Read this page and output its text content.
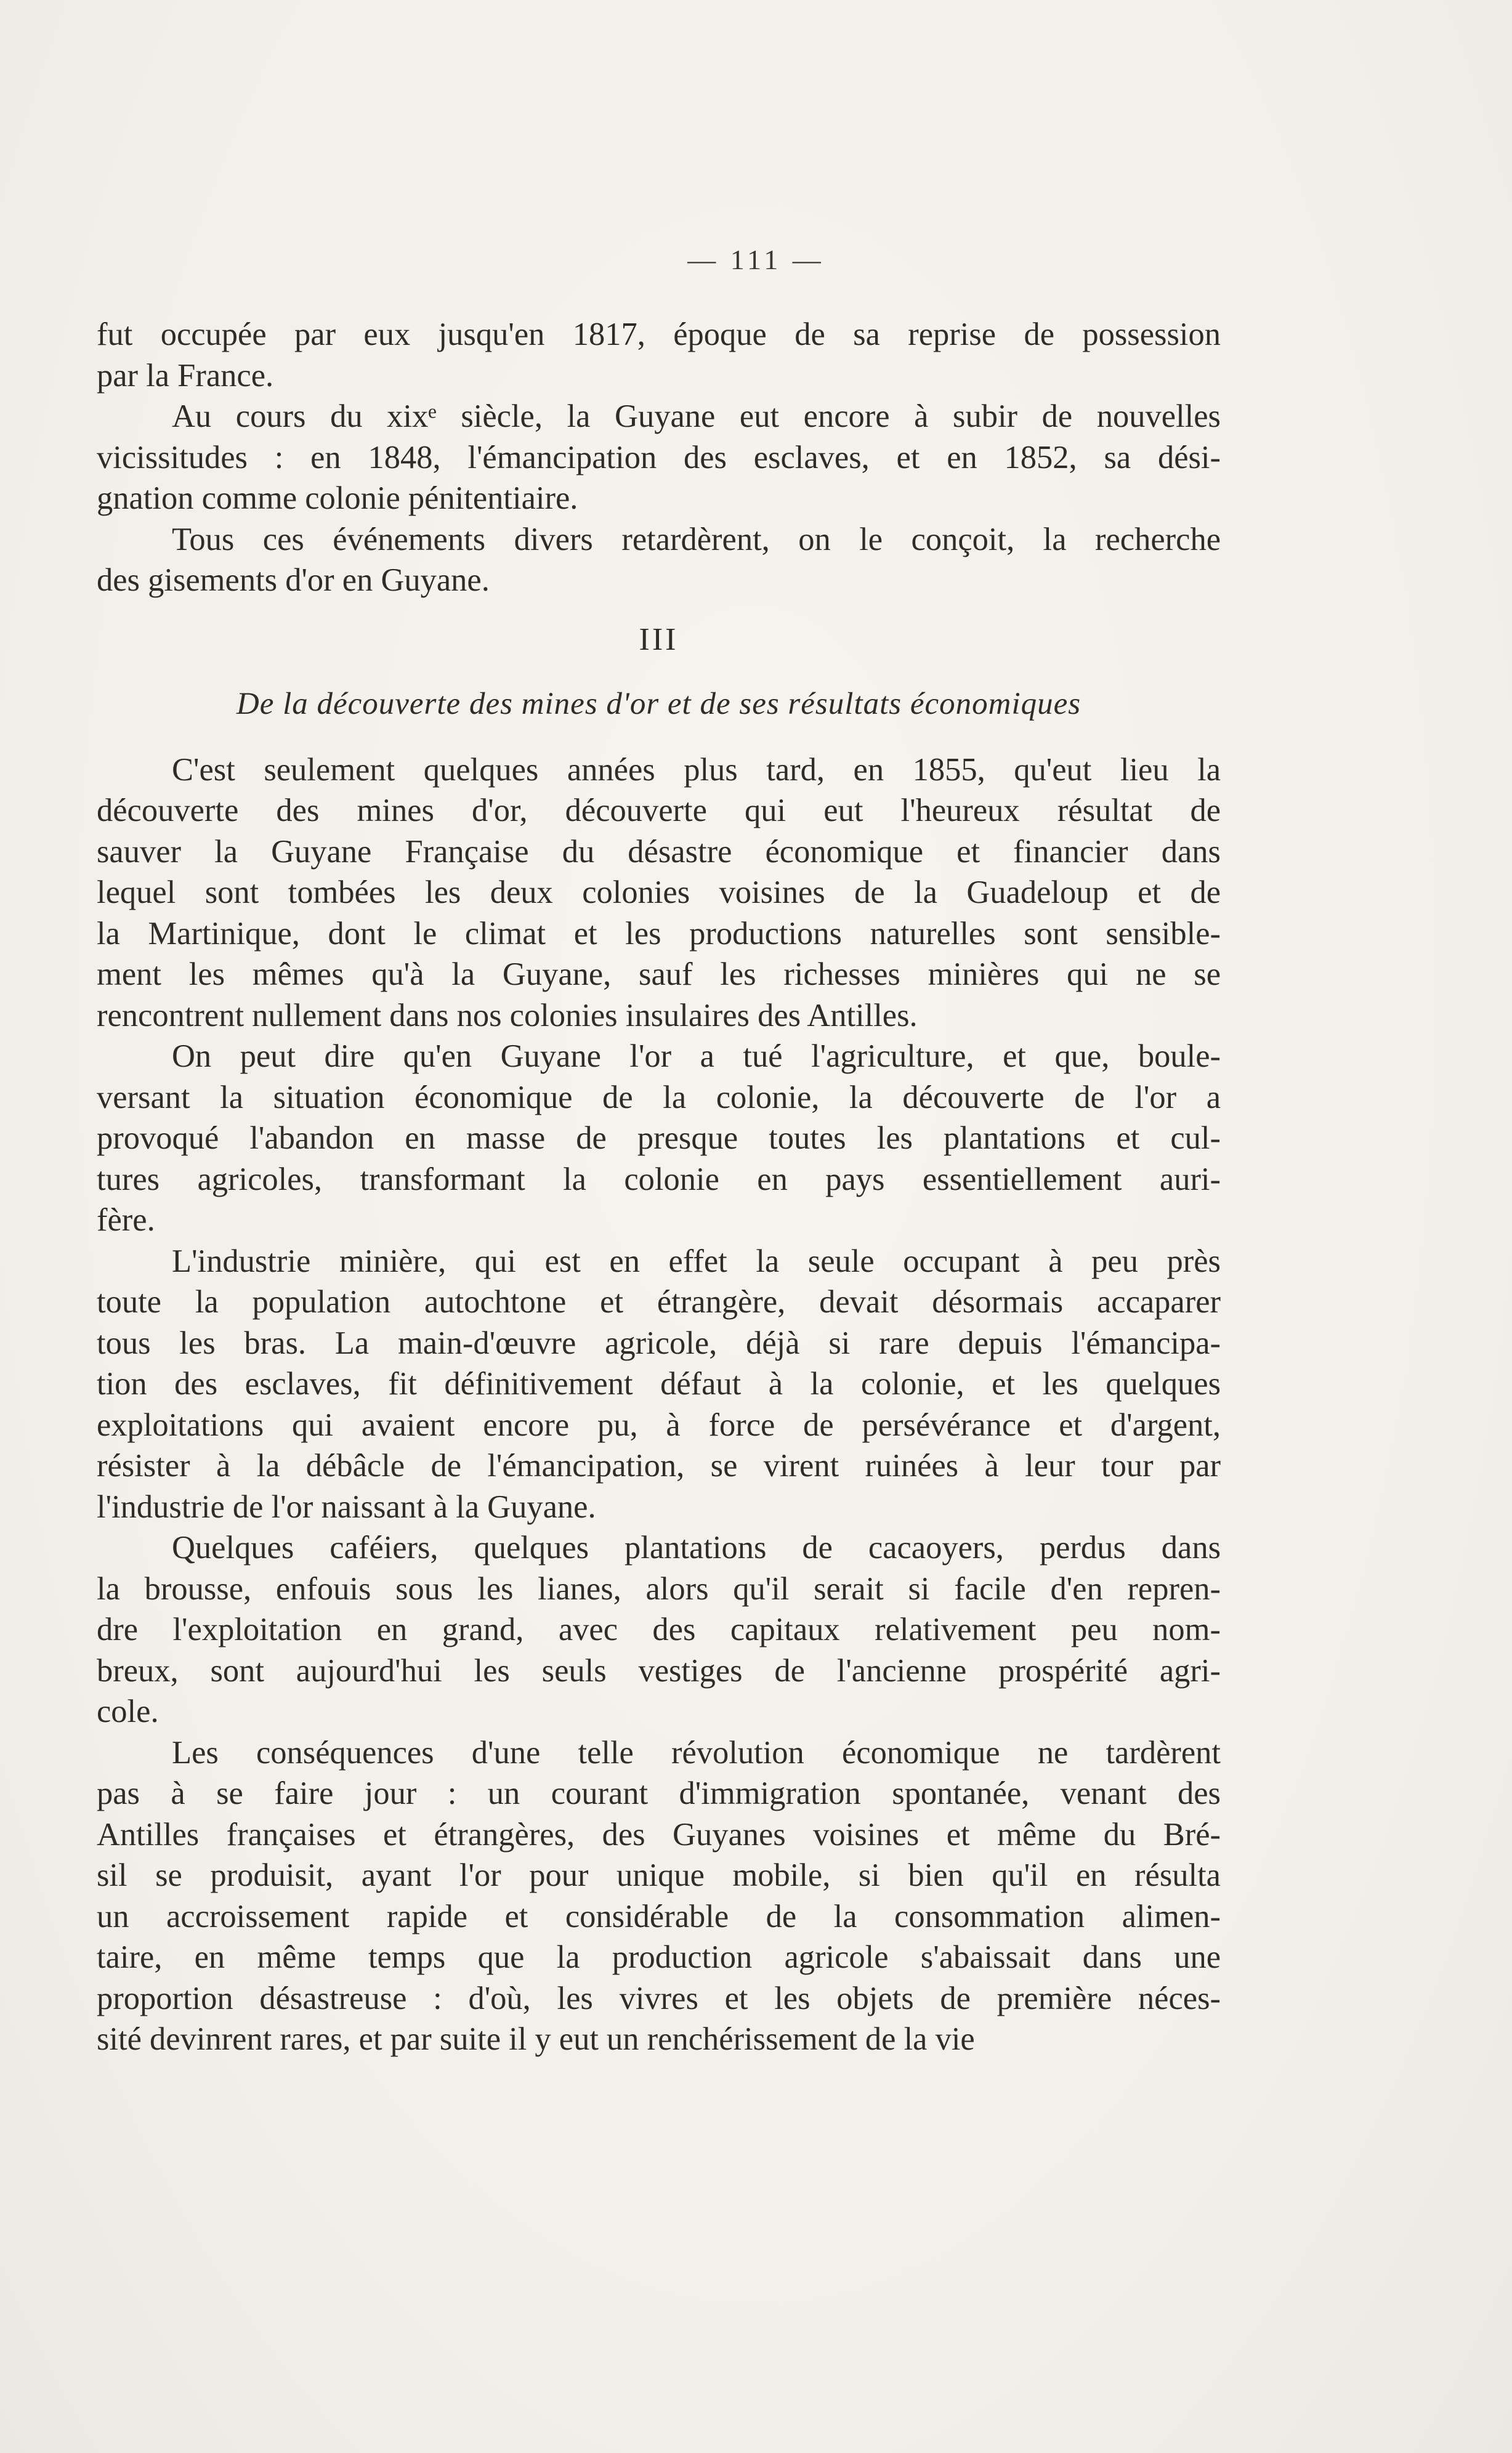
— 111 —

fut occupée par eux jusqu'en 1817, époque de sa reprise de possession
par la France.

Au cours du xixᵉ siècle, la Guyane eut encore à subir de nouvelles
vicissitudes : en 1848, l'émancipation des esclaves, et en 1852, sa dési-
gnation comme colonie pénitentiaire.

Tous ces événements divers retardèrent, on le conçoit, la recherche
des gisements d'or en Guyane.

III
De la découverte des mines d'or et de ses résultats économiques

C'est seulement quelques années plus tard, en 1855, qu'eut lieu la
découverte des mines d'or, découverte qui eut l'heureux résultat de
sauver la Guyane Française du désastre économique et financier dans
lequel sont tombées les deux colonies voisines de la Guadeloup et de
la Martinique, dont le climat et les productions naturelles sont sensible-
ment les mêmes qu'à la Guyane, sauf les richesses minières qui ne se
rencontrent nullement dans nos colonies insulaires des Antilles.

On peut dire qu'en Guyane l'or a tué l'agriculture, et que, boule-
versant la situation économique de la colonie, la découverte de l'or a
provoqué l'abandon en masse de presque toutes les plantations et cul-
tures agricoles, transformant la colonie en pays essentiellement auri-
fère.

L'industrie minière, qui est en effet la seule occupant à peu près
toute la population autochtone et étrangère, devait désormais accaparer
tous les bras. La main-d'œuvre agricole, déjà si rare depuis l'émancipa-
tion des esclaves, fit définitivement défaut à la colonie, et les quelques
exploitations qui avaient encore pu, à force de persévérance et d'argent,
résister à la débâcle de l'émancipation, se virent ruinées à leur tour par
l'industrie de l'or naissant à la Guyane.

Quelques caféiers, quelques plantations de cacaoyers, perdus dans
la brousse, enfouis sous les lianes, alors qu'il serait si facile d'en repren-
dre l'exploitation en grand, avec des capitaux relativement peu nom-
breux, sont aujourd'hui les seuls vestiges de l'ancienne prospérité agri-
cole.

Les conséquences d'une telle révolution économique ne tardèrent
pas à se faire jour : un courant d'immigration spontanée, venant des
Antilles françaises et étrangères, des Guyanes voisines et même du Bré-
sil se produisit, ayant l'or pour unique mobile, si bien qu'il en résulta
un accroissement rapide et considérable de la consommation alimen-
taire, en même temps que la production agricole s'abaissait dans une
proportion désastreuse : d'où, les vivres et les objets de première néces-
sité devinrent rares, et par suite il y eut un renchérissement de la vie
